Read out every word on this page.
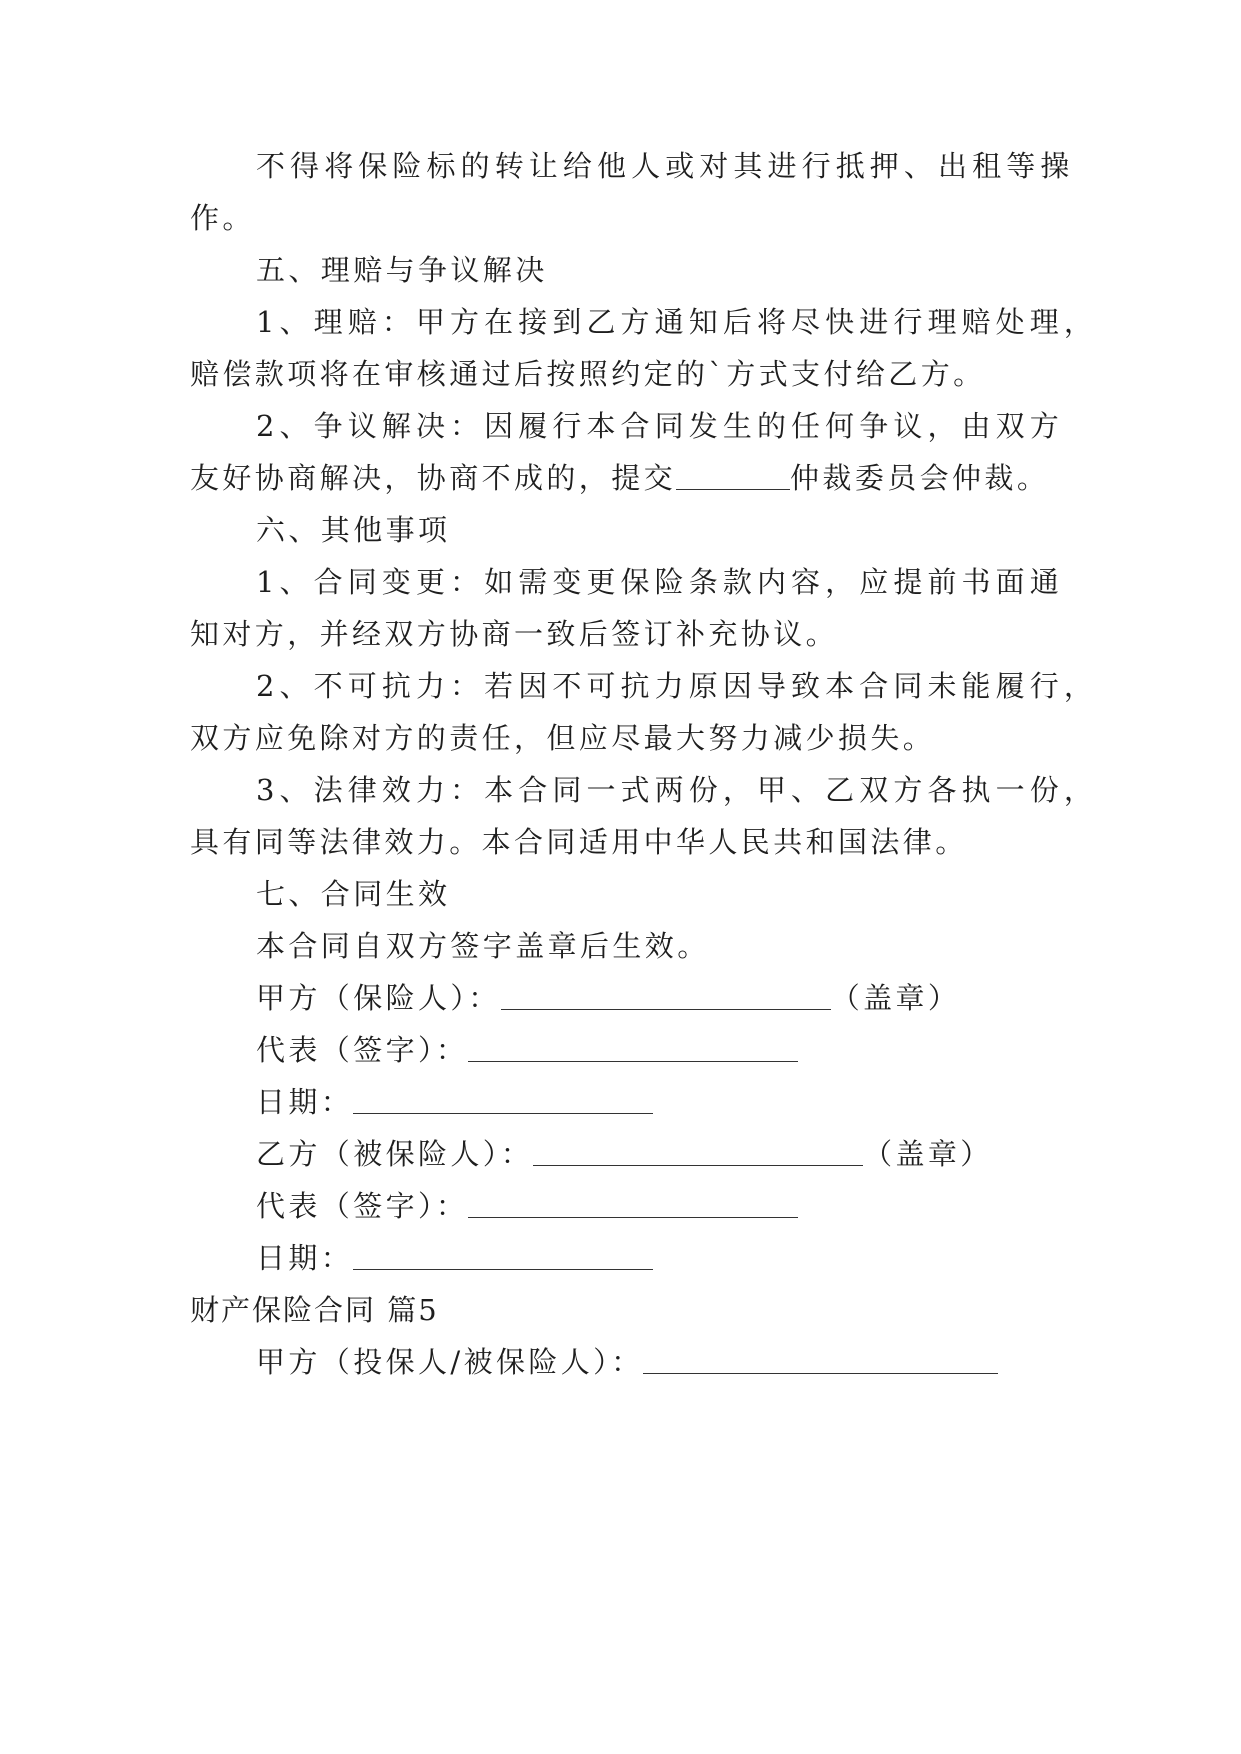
不得将保险标的转让给他人或对其进行抵押、出租等操
作。
五、理赔与争议解决
1、理赔：甲方在接到乙方通知后将尽快进行理赔处理，
赔偿款项将在审核通过后按照约定的`方式支付给乙方。
2、争议解决：因履行本合同发生的任何争议，由双方
友好协商解决，协商不成的，提交	仲裁委员会仲裁。
六、其他事项
1、合同变更：如需变更保险条款内容，应提前书面通
知对方，并经双方协商一致后签订补充协议。
2、不可抗力：若因不可抗力原因导致本合同未能履行，
双方应免除对方的责任，但应尽最大努力减少损失。
3、法律效力：本合同一式两份，甲、乙双方各执一份，
具有同等法律效力。本合同适用中华人民共和国法律。
七、合同生效
本合同自双方签字盖章后生效。
甲方（保险人）：	（盖章）
代表（签字）：
日期：
乙方（被保险人）：	（盖章）
代表（签字）：
日期：
财产保险合同 篇5
甲方（投保人/被保险人）：
